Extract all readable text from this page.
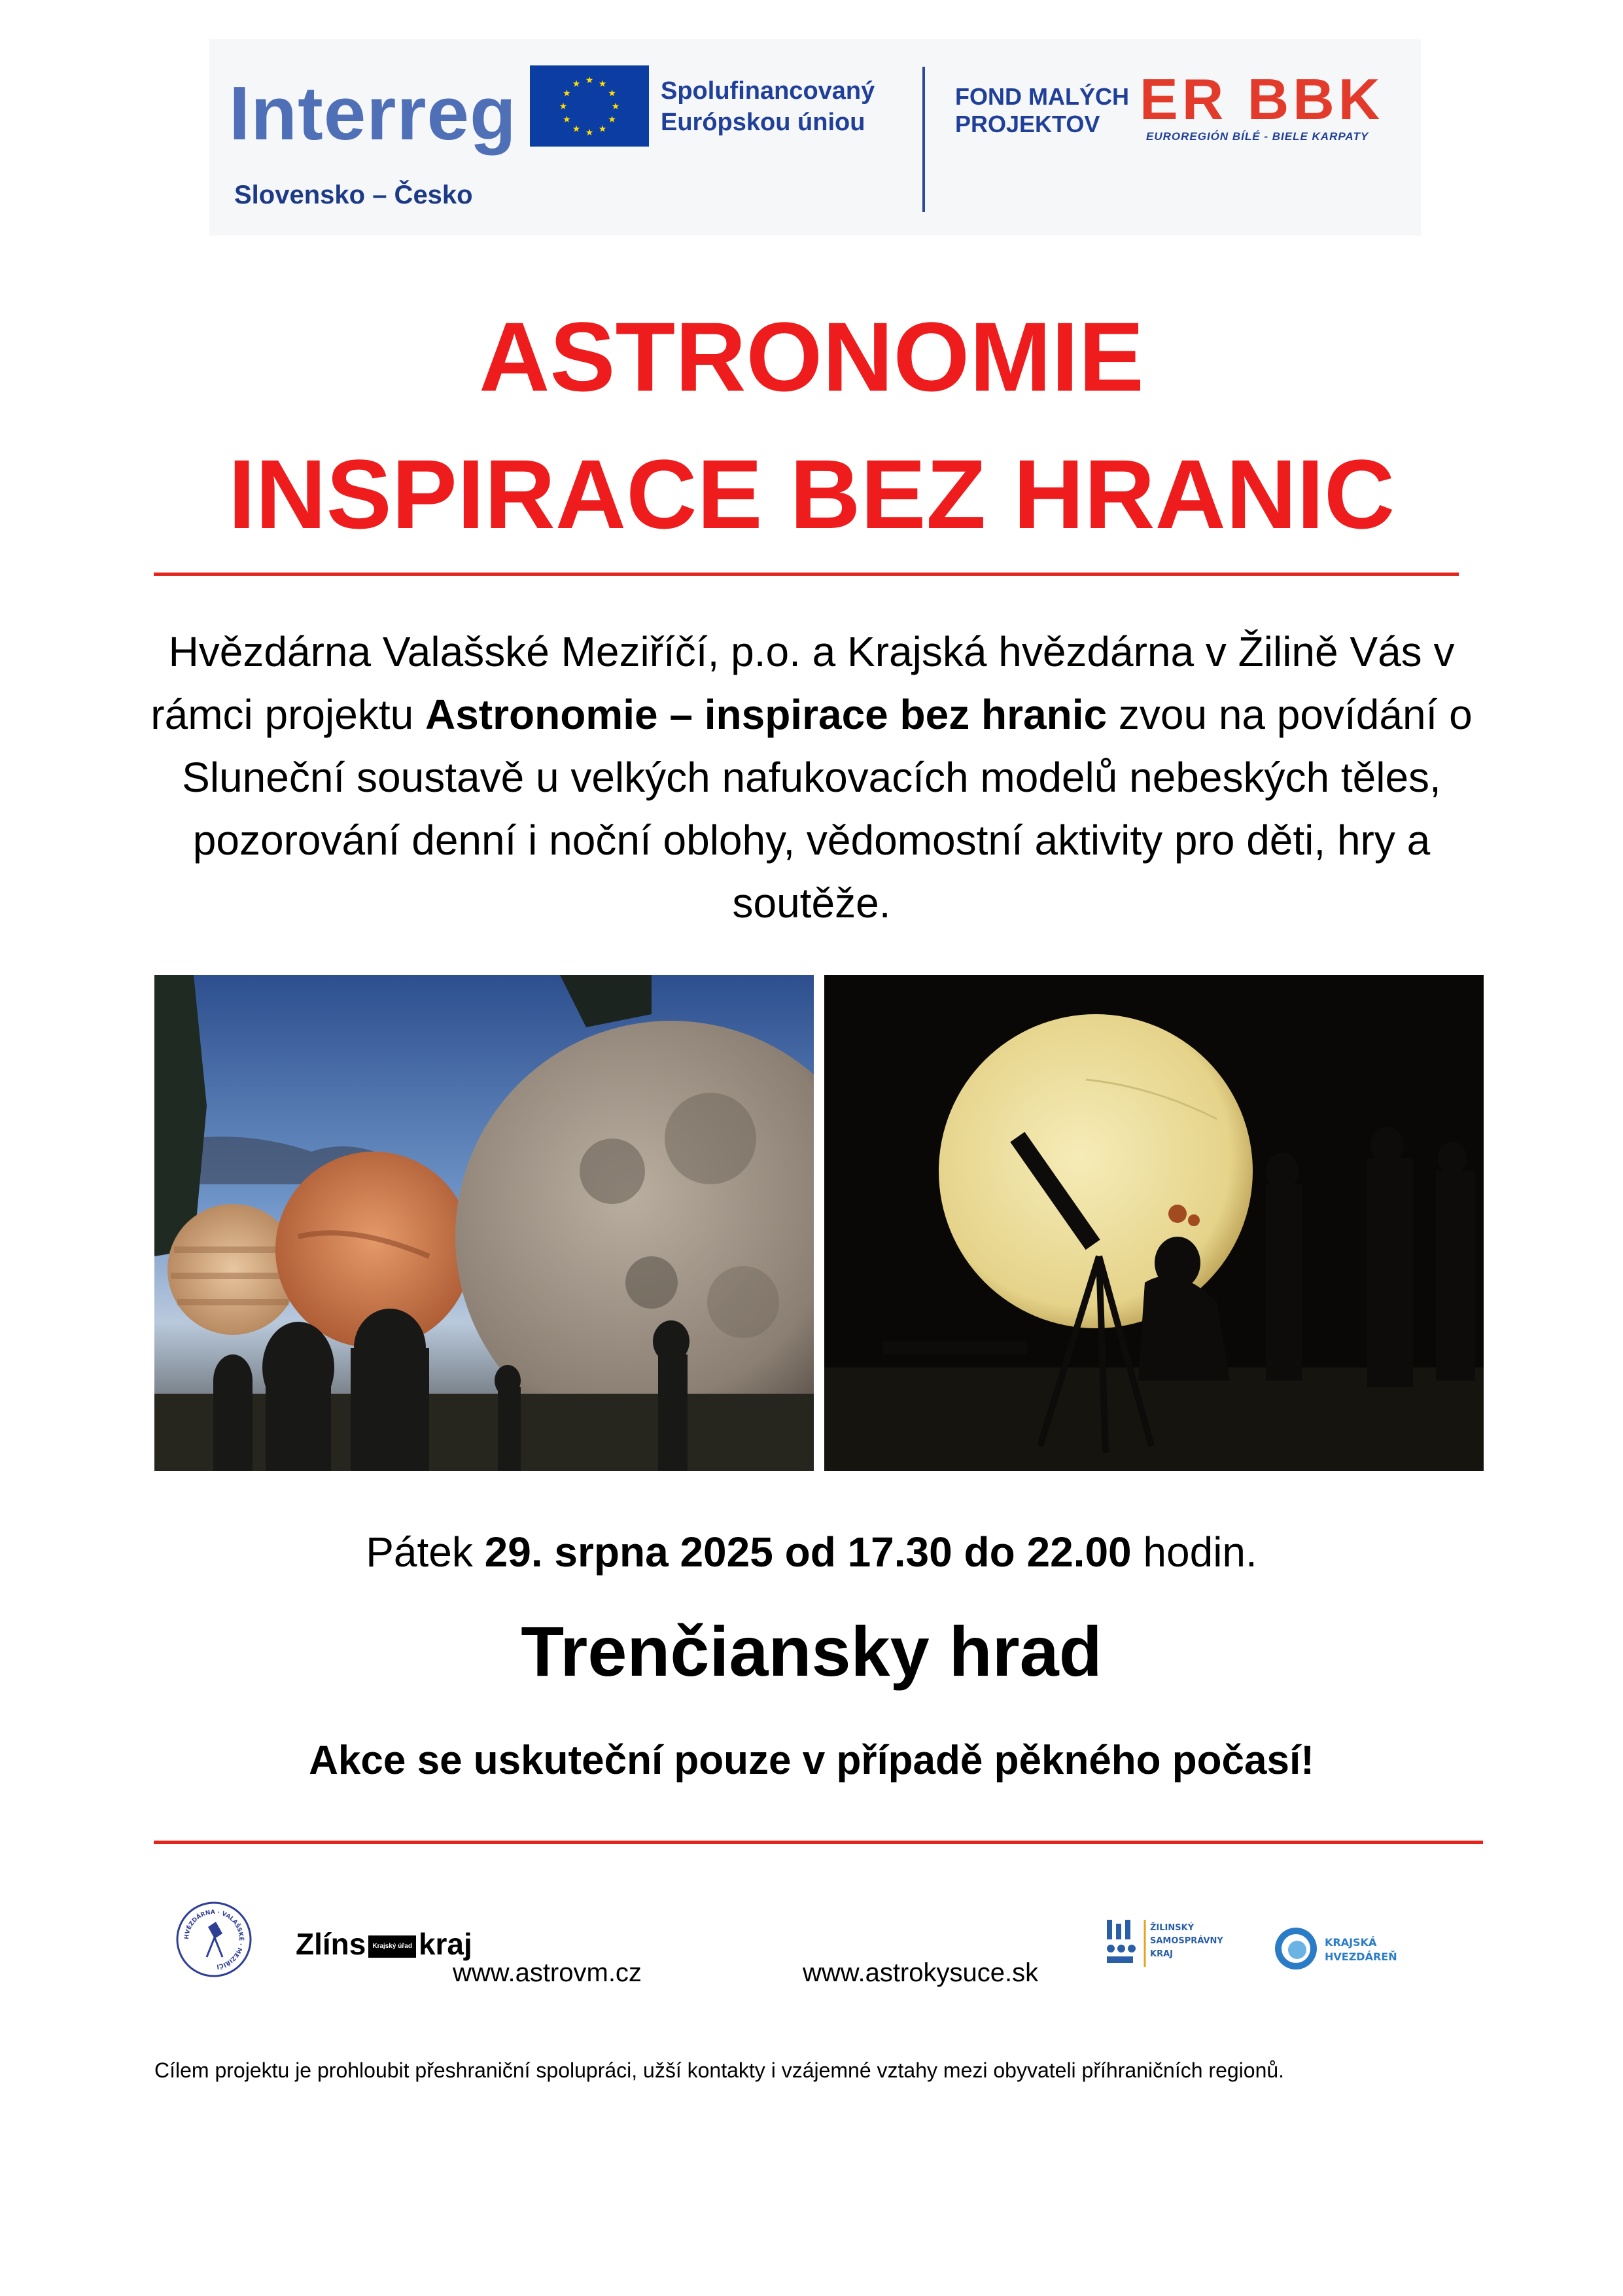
Interreg
Slovensko – Česko
★ ★
★
★
★
★
★
★
★
★
★
★	Spolufinancovaný
Európskou úniou
FOND MALÝCH
PROJEKTOV ER BBK
EUROREGIÓN BÍLÉ - BIELE KARPATY
ASTRONOMIE
INSPIRACE BEZ HRANIC
Hvězdárna Valašské Meziříčí, p.o. a Krajská hvězdárna v Žilině Vás v rámci projektu Astronomie – inspirace bez hranic zvou na povídání o Sluneční soustavě u velkých nafukovacích modelů nebeských těles, pozorování denní i noční oblohy, vědomostní aktivity pro děti, hry a soutěže.
Pátek 29. srpna 2025 od 17.30 do 22.00 hodin.
Trenčiansky hrad
Akce se uskuteční pouze v případě pěkného počasí!
HVĚZDÁRNA · VALAŠSKÉ · MEZIŘÍČÍ
Zlíns Krajský úřad kraj
www.astrovm.cz	www.astrokysuce.sk
ŽILINSKÝ
SAMOSPRÁVNY
KRAJ
KRAJSKÁ
HVEZDÁREŇ
Cílem projektu je prohloubit přeshraniční spolupráci, užší kontakty i vzájemné vztahy mezi obyvateli příhraničních regionů.
